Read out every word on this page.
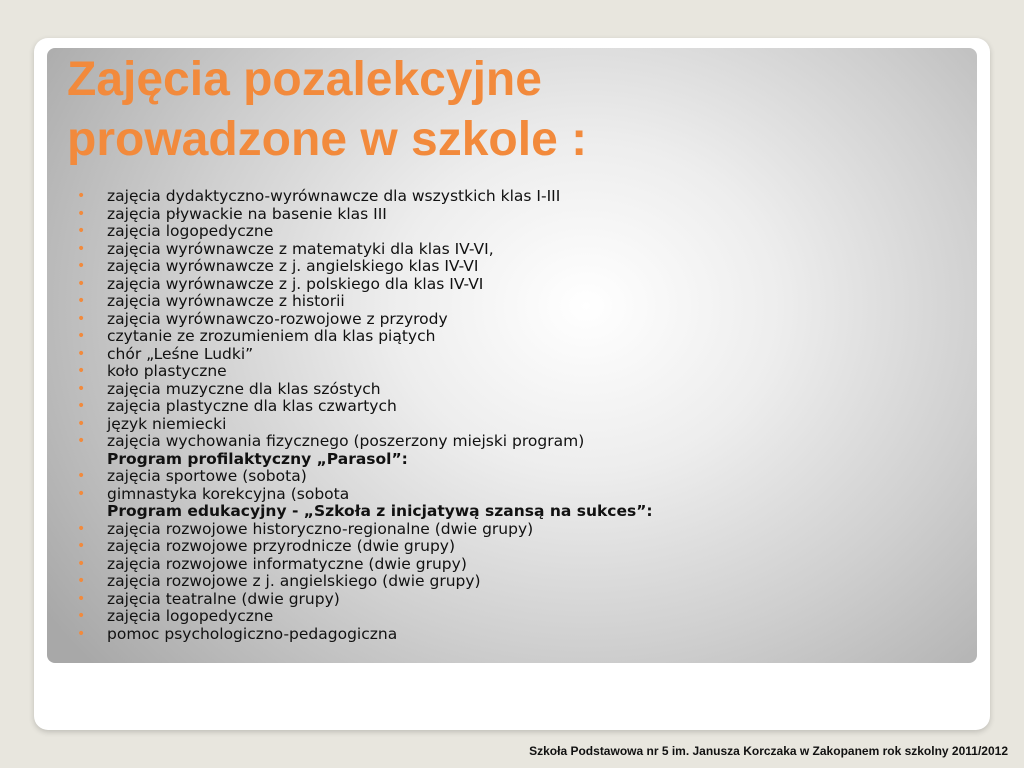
Zajęcia pozalekcyjne
prowadzone w szkole :
• zajęcia dydaktyczno-wyrównawcze dla wszystkich klas I-III
• zajęcia pływackie na basenie klas III
• zajęcia logopedyczne
• zajęcia wyrównawcze z matematyki dla klas IV-VI,
• zajęcia wyrównawcze z j. angielskiego klas IV-VI
• zajęcia wyrównawcze z j. polskiego dla klas IV-VI
• zajęcia wyrównawcze z historii
• zajęcia wyrównawczo-rozwojowe z przyrody
• czytanie ze zrozumieniem dla klas piątych
• chór „Leśne Ludki”
• koło plastyczne
• zajęcia muzyczne dla klas szóstych
• zajęcia plastyczne dla klas czwartych
• język niemiecki
• zajęcia wychowania fizycznego (poszerzony miejski program)
Program profilaktyczny „Parasol”:
• zajęcia sportowe (sobota)
• gimnastyka korekcyjna (sobota
Program edukacyjny - „Szkoła z inicjatywą szansą na sukces”:
• zajęcia rozwojowe historyczno-regionalne (dwie grupy)
• zajęcia rozwojowe przyrodnicze (dwie grupy)
• zajęcia rozwojowe informatyczne (dwie grupy)
• zajęcia rozwojowe z j. angielskiego (dwie grupy)
• zajęcia teatralne (dwie grupy)
• zajęcia logopedyczne
• pomoc psychologiczno-pedagogiczna
Szkoła Podstawowa nr 5 im. Janusza Korczaka w Zakopanem rok szkolny 2011/2012
